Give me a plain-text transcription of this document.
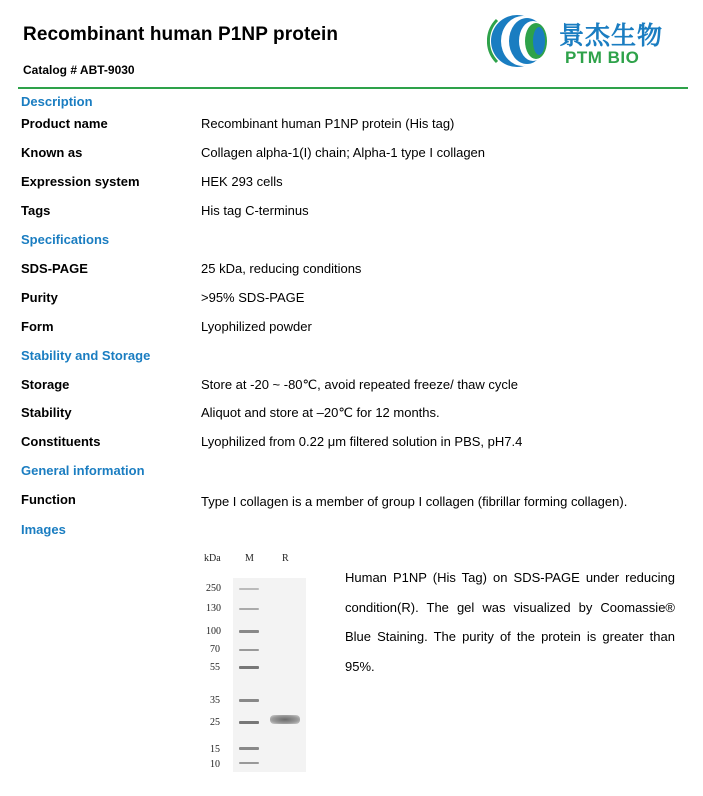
Recombinant human P1NP protein
Catalog # ABT-9030
景杰生物
PTM BIO
Description
Product name	Recombinant human P1NP protein (His tag)
Known as	Collagen alpha-1(I) chain; Alpha-1 type I collagen
Expression system	HEK 293 cells
Tags	His tag C-terminus
Specifications
SDS-PAGE	25 kDa, reducing conditions
Purity	>95% SDS-PAGE
Form	Lyophilized powder
Stability and Storage
Storage	Store at -20 ~ -80℃, avoid repeated freeze/ thaw cycle
Stability	Aliquot and store at –20℃ for 12 months.
Constituents	Lyophilized from 0.22 μm filtered solution in PBS, pH7.4
General information
Function	Type I collagen is a member of group I collagen (fibrillar forming collagen).
Images
kDa M	R
250
130
100
70
55
35
25
15
10
Human P1NP (His Tag) on SDS-PAGE under reducing condition(R). The gel was visualized by Coomassie® Blue Staining. The purity of the protein is greater than 95%.
